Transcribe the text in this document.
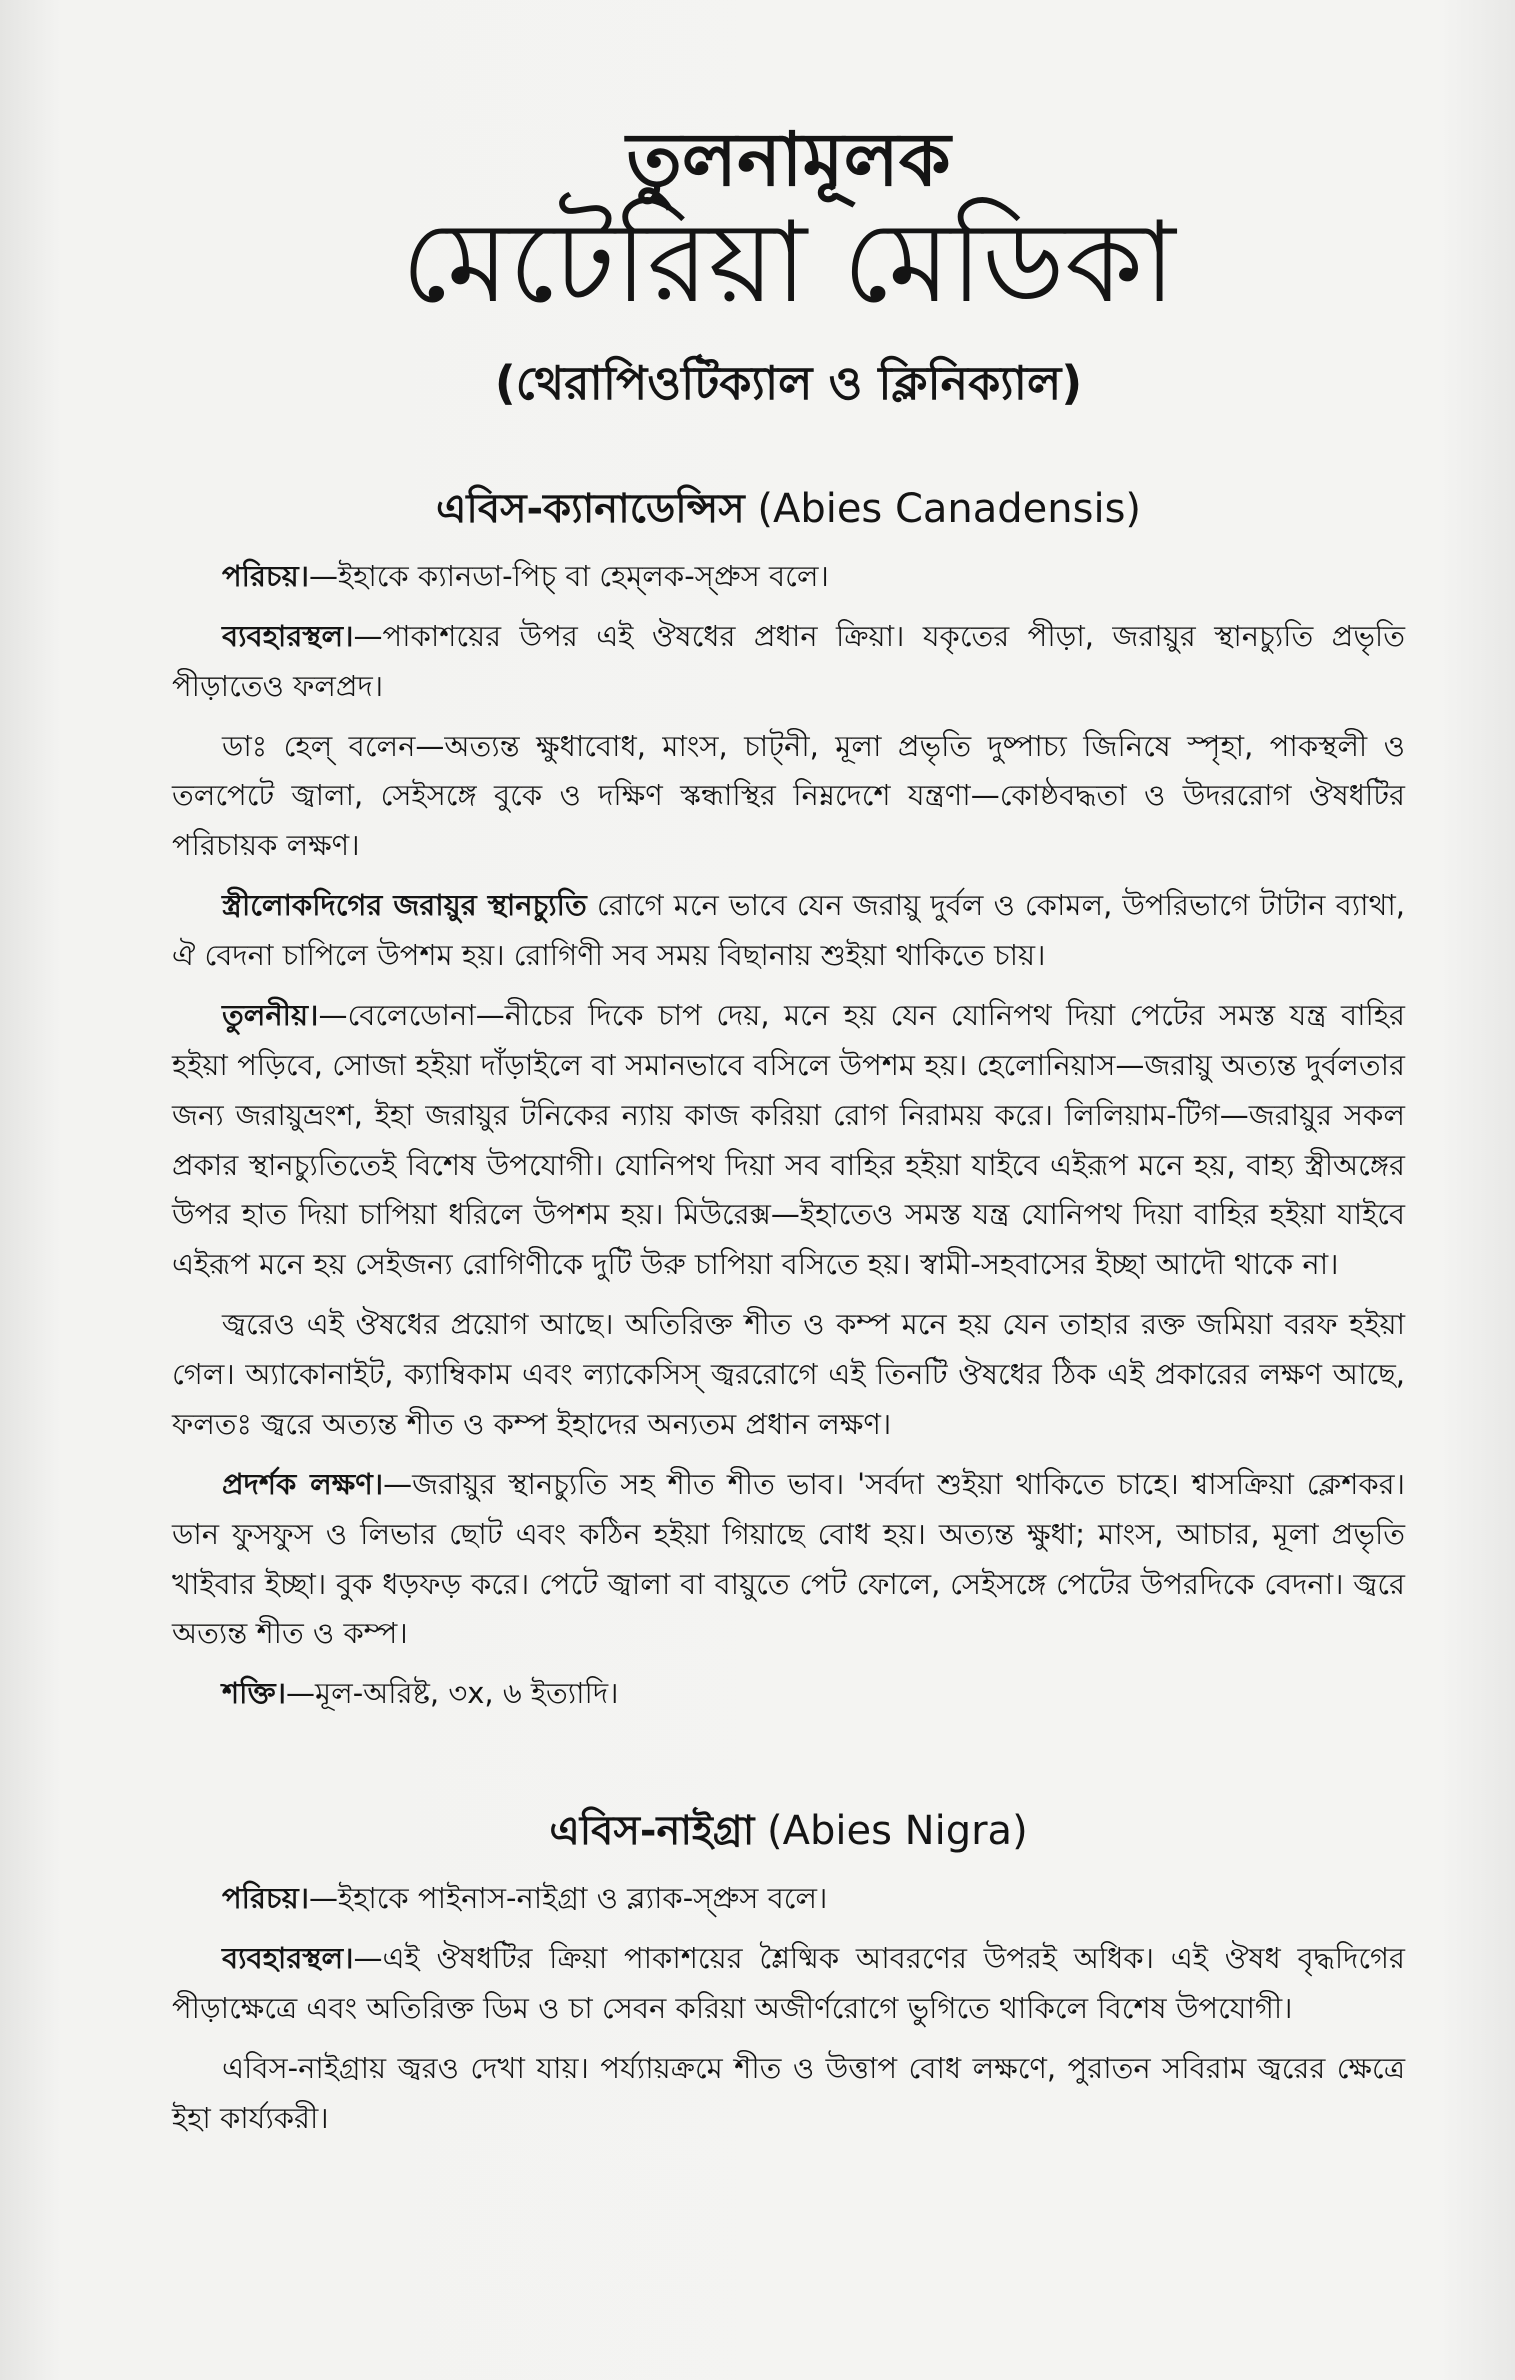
তুলনামূলক
মেটেরিয়া মেডিকা
(থেরাপিওটিক্যাল ও ক্লিনিক্যাল)
এবিস-ক্যানাডেন্সিস (Abies Canadensis)

পরিচয়।—ইহাকে ক্যানডা-পিচ্ বা হেম্‌লক-স্প্রুস বলে।

ব্যবহারস্থল।—পাকাশয়ের উপর এই ঔষধের প্রধান ক্রিয়া। যকৃতের পীড়া, জরায়ুর স্থানচ্যুতি প্রভৃতি পীড়াতেও ফলপ্রদ।

ডাঃ হেল্ বলেন—অত্যন্ত ক্ষুধাবোধ, মাংস, চাট্নী, মূলা প্রভৃতি দুষ্পাচ্য জিনিষে স্পৃহা, পাকস্থলী ও তলপেটে জ্বালা, সেইসঙ্গে বুকে ও দক্ষিণ স্কন্ধাস্থির নিম্নদেশে যন্ত্রণা—কোষ্ঠবদ্ধতা ও উদররোগ ঔষধটির পরিচায়ক লক্ষণ।

স্ত্রীলোকদিগের জরায়ুর স্থানচ্যুতি রোগে মনে ভাবে যেন জরায়ু দুর্বল ও কোমল, উপরিভাগে টাটান ব্যাথা, ঐ বেদনা চাপিলে উপশম হয়। রোগিণী সব সময় বিছানায় শুইয়া থাকিতে চায়।

তুলনীয়।—বেলেডোনা—নীচের দিকে চাপ দেয়, মনে হয় যেন যোনিপথ দিয়া পেটের সমস্ত যন্ত্র বাহির হইয়া পড়িবে, সোজা হইয়া দাঁড়াইলে বা সমানভাবে বসিলে উপশম হয়। হেলোনিয়াস—জরায়ু অত্যন্ত দুর্বলতার জন্য জরায়ুভ্রংশ, ইহা জরায়ুর টনিকের ন্যায় কাজ করিয়া রোগ নিরাময় করে। লিলিয়াম-টিগ—জরায়ুর সকল প্রকার স্থানচ্যুতিতেই বিশেষ উপযোগী। যোনিপথ দিয়া সব বাহির হইয়া যাইবে এইরূপ মনে হয়, বাহ্য স্ত্রীঅঙ্গের উপর হাত দিয়া চাপিয়া ধরিলে উপশম হয়। মিউরেক্স—ইহাতেও সমস্ত যন্ত্র যোনিপথ দিয়া বাহির হইয়া যাইবে এইরূপ মনে হয় সেইজন্য রোগিণীকে দুটি উরু চাপিয়া বসিতে হয়। স্বামী-সহবাসের ইচ্ছা আদৌ থাকে না।

জ্বরেও এই ঔষধের প্রয়োগ আছে। অতিরিক্ত শীত ও কম্প মনে হয় যেন তাহার রক্ত জমিয়া বরফ হইয়া গেল। অ্যাকোনাইট, ক্যাম্বিকাম এবং ল্যাকেসিস্ জ্বররোগে এই তিনটি ঔষধের ঠিক এই প্রকারের লক্ষণ আছে, ফলতঃ জ্বরে অত্যন্ত শীত ও কম্প ইহাদের অন্যতম প্রধান লক্ষণ।

প্রদর্শক লক্ষণ।—জরায়ুর স্থানচ্যুতি সহ শীত শীত ভাব। 'সর্বদা শুইয়া থাকিতে চাহে। শ্বাসক্রিয়া ক্লেশকর। ডান ফুসফুস ও লিভার ছোট এবং কঠিন হইয়া গিয়াছে বোধ হয়। অত্যন্ত ক্ষুধা; মাংস, আচার, মূলা প্রভৃতি খাইবার ইচ্ছা। বুক ধড়ফড় করে। পেটে জ্বালা বা বায়ুতে পেট ফোলে, সেইসঙ্গে পেটের উপরদিকে বেদনা। জ্বরে অত্যন্ত শীত ও কম্প।

শক্তি।—মূল-অরিষ্ট, ৩x, ৬ ইত্যাদি।

এবিস-নাইগ্রা (Abies Nigra)

পরিচয়।—ইহাকে পাইনাস-নাইগ্রা ও ব্ল্যাক-স্প্রুস বলে।

ব্যবহারস্থল।—এই ঔষধটির ক্রিয়া পাকাশয়ের শ্লৈষ্মিক আবরণের উপরই অধিক। এই ঔষধ বৃদ্ধদিগের পীড়াক্ষেত্রে এবং অতিরিক্ত ডিম ও চা সেবন করিয়া অজীর্ণরোগে ভুগিতে থাকিলে বিশেষ উপযোগী।

এবিস-নাইগ্রায় জ্বরও দেখা যায়। পর্য্যায়ক্রমে শীত ও উত্তাপ বোধ লক্ষণে, পুরাতন সবিরাম জ্বরের ক্ষেত্রে ইহা কার্য্যকরী।
